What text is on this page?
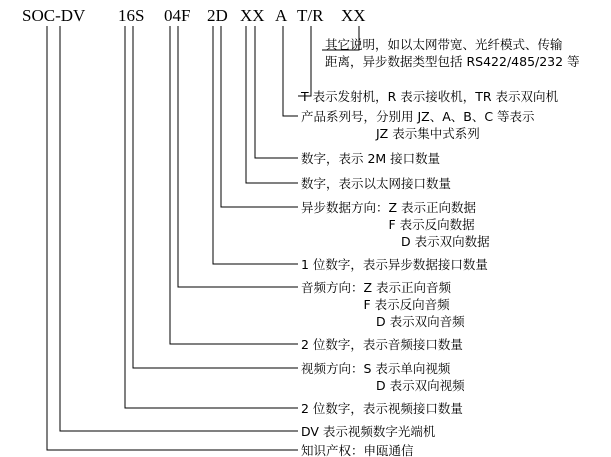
SOC-DV 16S 04F 2D XX A T/R XX
其它说明，如以太网带宽、光纤模式、传输
距离，异步数据类型包括 RS422/485/232 等
T 表示发射机，R 表示接收机，TR 表示双向机
产品系列号，分别用 JZ、A、B、C 等表示
　　　　　　JZ 表示集中式系列
数字，表示 2M 接口数量
数字，表示以太网接口数量
异步数据方向：Z 表示正向数据
　　　　　　　F 表示反向数据
　　　　　　　　D 表示双向数据
1 位数字，表示异步数据接口数量
音频方向：Z 表示正向音频
　　　　　F 表示反向音频
　　　　　　D 表示双向音频
2 位数字，表示音频接口数量
视频方向：S 表示单向视频
　　　　　　D 表示双向视频
2 位数字，表示视频接口数量
DV 表示视频数字光端机
知识产权：申瓯通信
